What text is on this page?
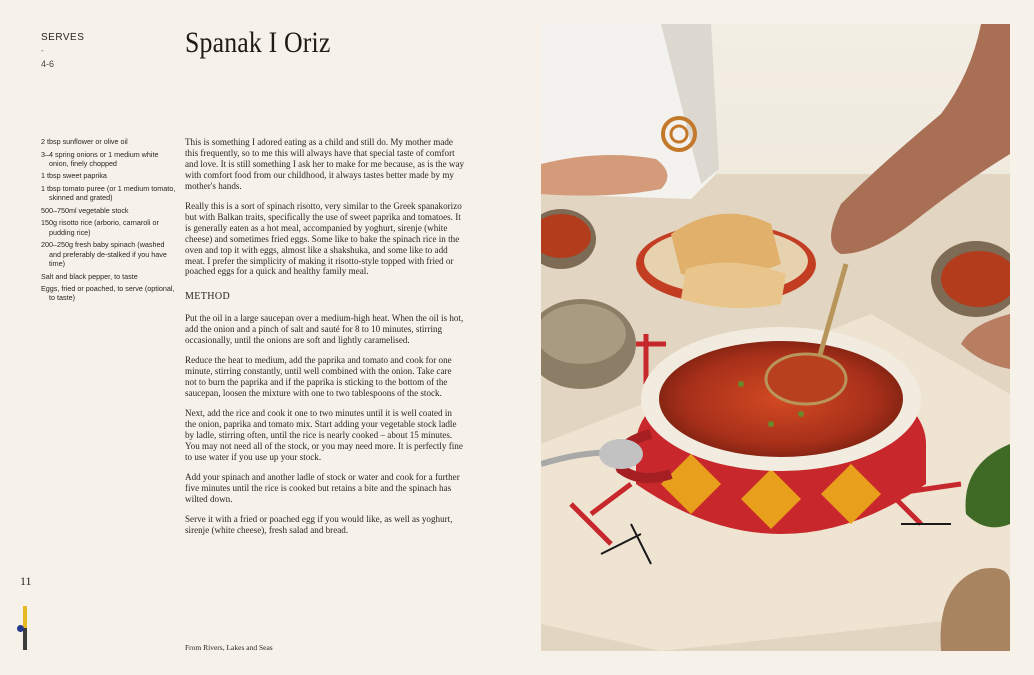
SERVES
-
4-6
Spanak I Oriz
2 tbsp sunflower or olive oil
3–4 spring onions or 1 medium white onion, finely chopped
1 tbsp sweet paprika
1 tbsp tomato puree (or 1 medium tomato, skinned and grated)
500–750ml vegetable stock
150g risotto rice (arborio, carnaroli or pudding rice)
200–250g fresh baby spinach (washed and preferably de-stalked if you have time)
Salt and black pepper, to taste
Eggs, fried or poached, to serve (optional, to taste)

This is something I adored eating as a child and still do. My mother made this frequently, so to me this will always have that special taste of comfort and love. It is still something I ask her to make for me because, as is the way with comfort food from our childhood, it always tastes better made by my mother's hands.

Really this is a sort of spinach risotto, very similar to the Greek spanakorizo but with Balkan traits, specifically the use of sweet paprika and tomatoes. It is generally eaten as a hot meal, accompanied by yoghurt, sirenje (white cheese) and sometimes fried eggs. Some like to bake the spinach rice in the oven and top it with eggs, almost like a shakshuka, and some like to add meat. I prefer the simplicity of making it risotto-style topped with fried or poached eggs for a quick and healthy family meal.

METHOD

Put the oil in a large saucepan over a medium-high heat. When the oil is hot, add the onion and a pinch of salt and sauté for 8 to 10 minutes, stirring occasionally, until the onions are soft and lightly caramelised.

Reduce the heat to medium, add the paprika and tomato and cook for one minute, stirring constantly, until well combined with the onion. Take care not to burn the paprika and if the paprika is sticking to the bottom of the saucepan, loosen the mixture with one to two tablespoons of the stock.

Next, add the rice and cook it one to two minutes until it is well coated in the onion, paprika and tomato mix. Start adding your vegetable stock ladle by ladle, stirring often, until the rice is nearly cooked – about 15 minutes. You may not need all of the stock, or you may need more. It is perfectly fine to use water if you use up your stock.

Add your spinach and another ladle of stock or water and cook for a further five minutes until the rice is cooked but retains a bite and the spinach has wilted down.

Serve it with a fried or poached egg if you would like, as well as yoghurt, sirenje (white cheese), fresh salad and bread.

11
From Rivers, Lakes and Seas
